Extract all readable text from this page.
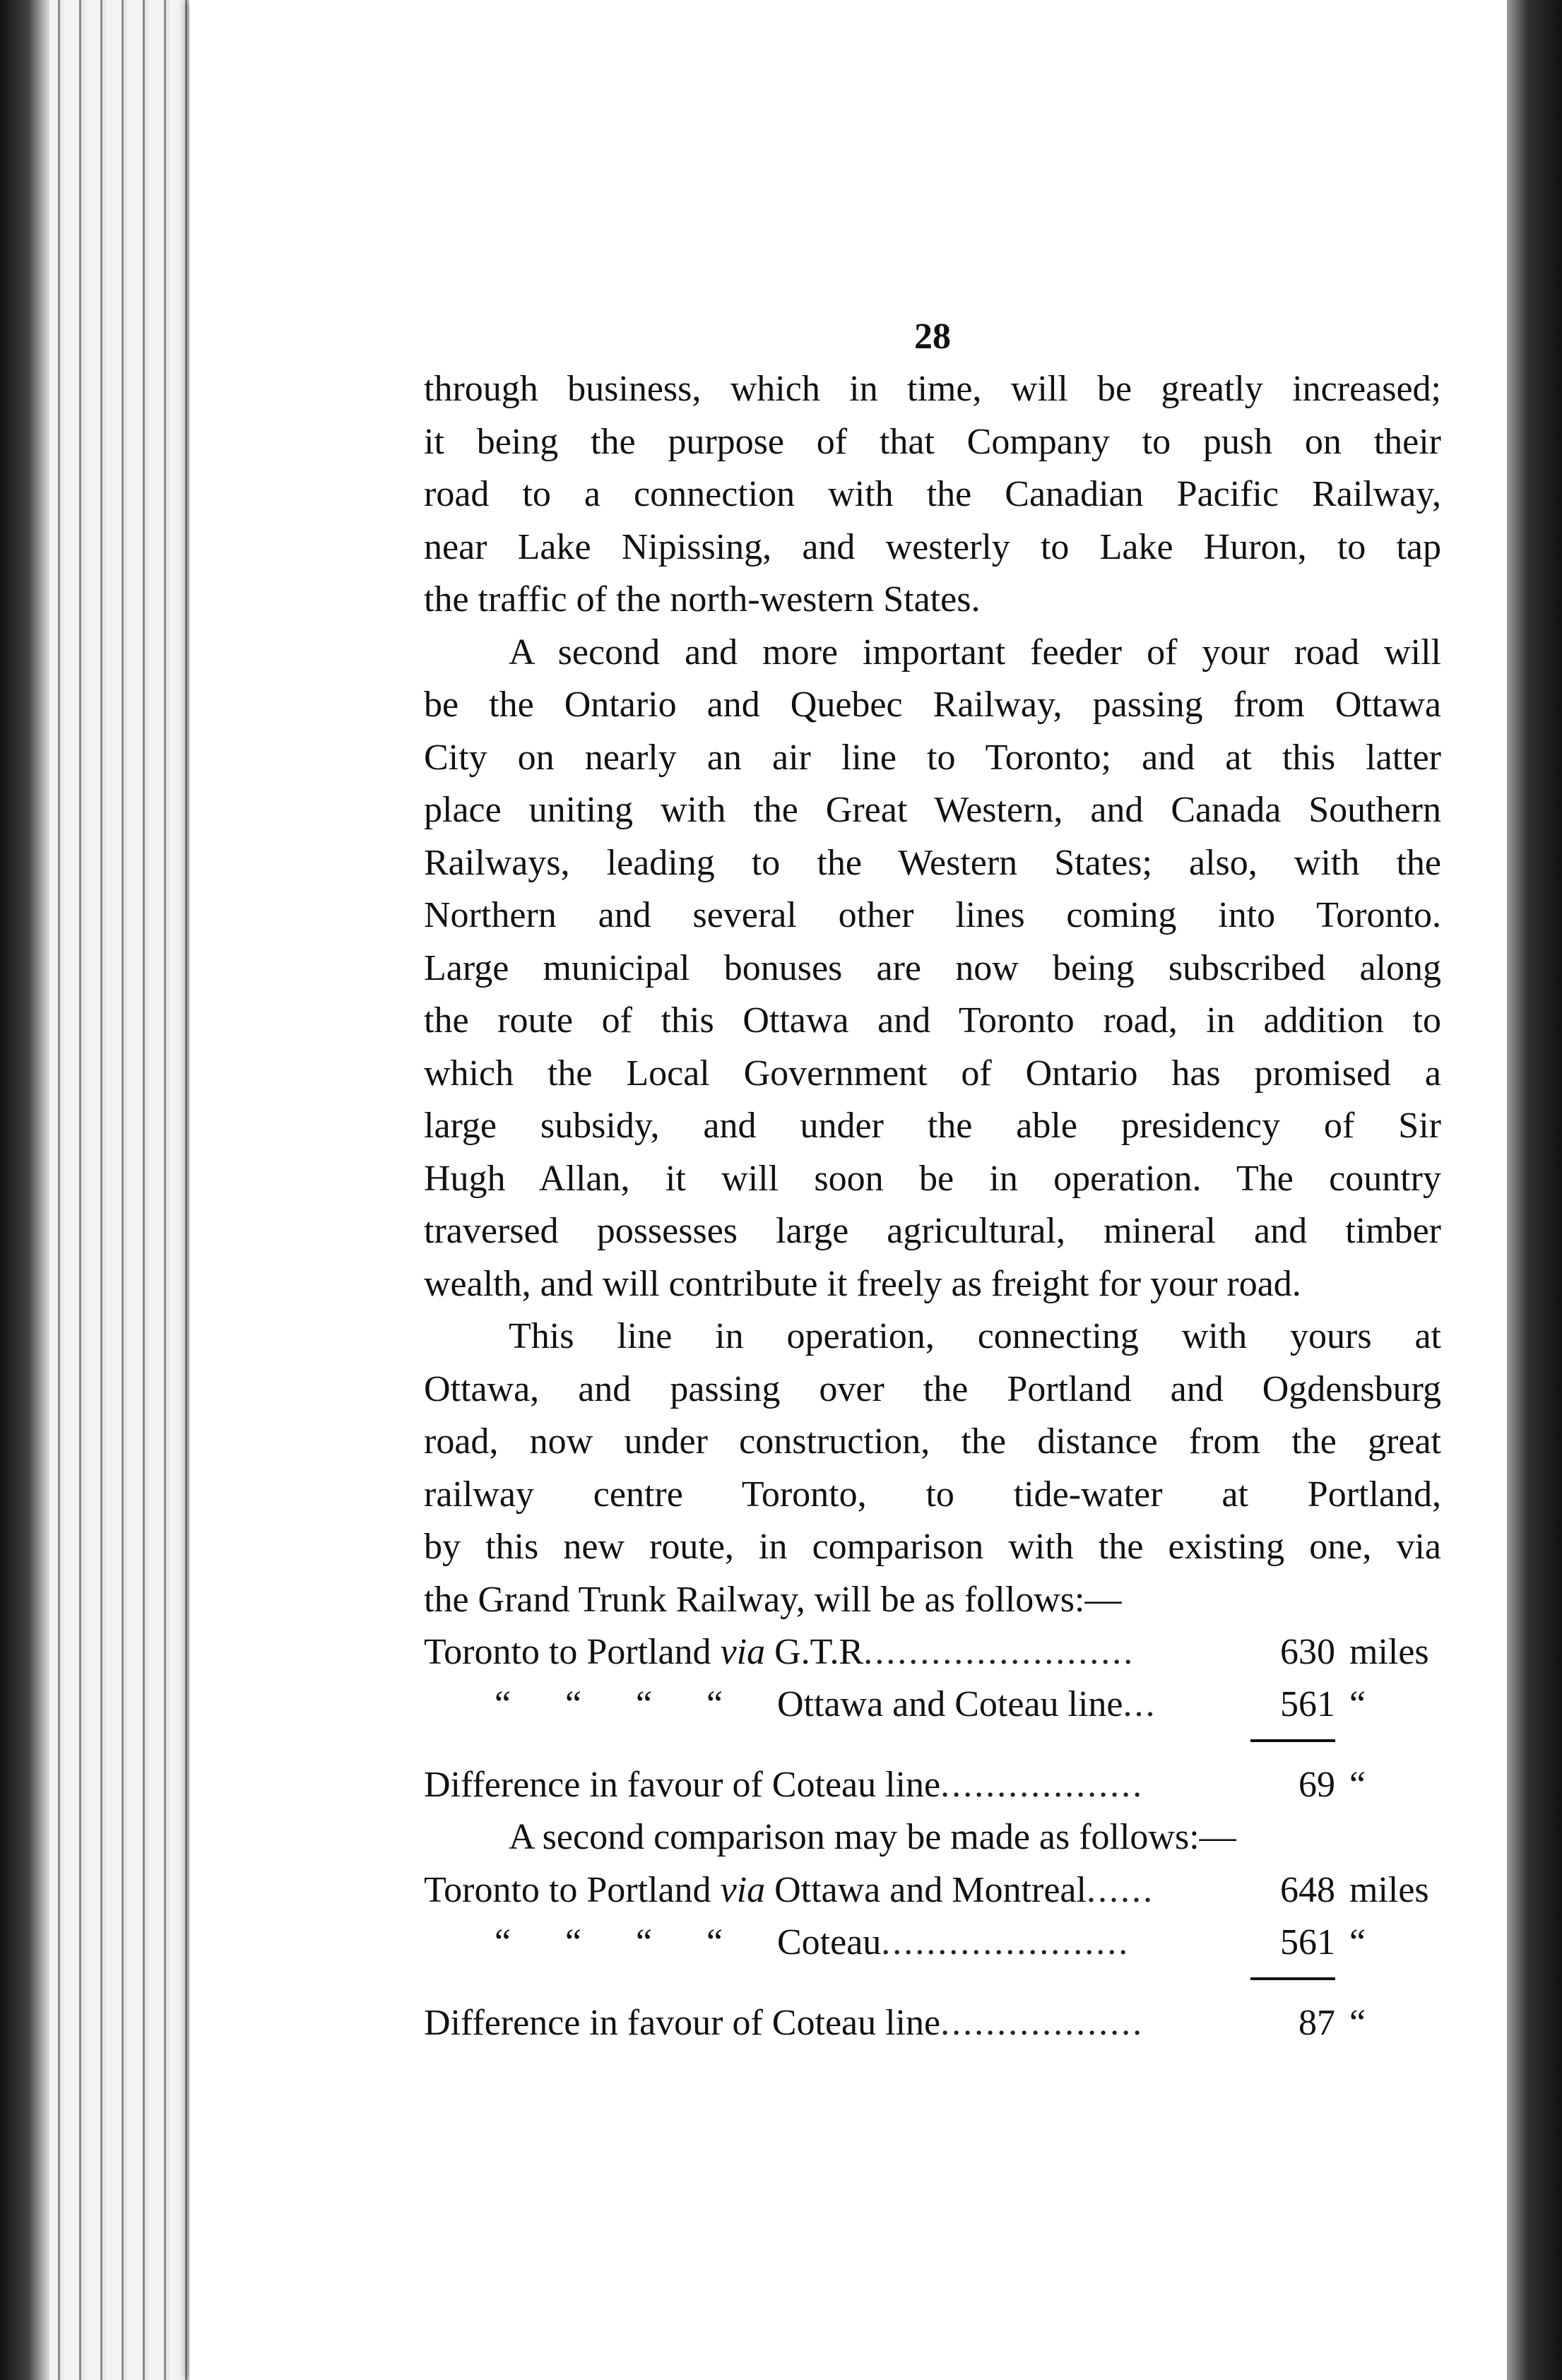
28
through business, which in time, will be greatly increased;
it being the purpose of that Company to push on their
road to a connection with the Canadian Pacific Railway,
near Lake Nipissing, and westerly to Lake Huron, to tap
the traffic of the north-western States.
A second and more important feeder of your road will
be the Ontario and Quebec Railway, passing from Ottawa
City on nearly an air line to Toronto; and at this latter
place uniting with the Great Western, and Canada Southern
Railways, leading to the Western States; also, with the
Northern and several other lines coming into Toronto.
Large municipal bonuses are now being subscribed along
the route of this Ottawa and Toronto road, in addition to
which the Local Government of Ontario has promised a
large subsidy, and under the able presidency of Sir
Hugh Allan, it will soon be in operation. The country
traversed possesses large agricultural, mineral and timber
wealth, and will contribute it freely as freight for your road.
This line in operation, connecting with yours at
Ottawa, and passing over the Portland and Ogdensburg
road, now under construction, the distance from the great
railway centre Toronto, to tide-water at Portland,
by this new route, in comparison with the existing one, via
the Grand Trunk Railway, will be as follows:—
Toronto to Portland via G.T.R ........................	630 miles
“ “ “ “ Ottawa and Coteau line ...	561 “
Difference in favour of Coteau line ..................	69 “
A second comparison may be made as follows:—
Toronto to Portland via Ottawa and Montreal ......	648 miles
“ “ “ “ Coteau ......................	561 “
Difference in favour of Coteau line ..................	87 “
